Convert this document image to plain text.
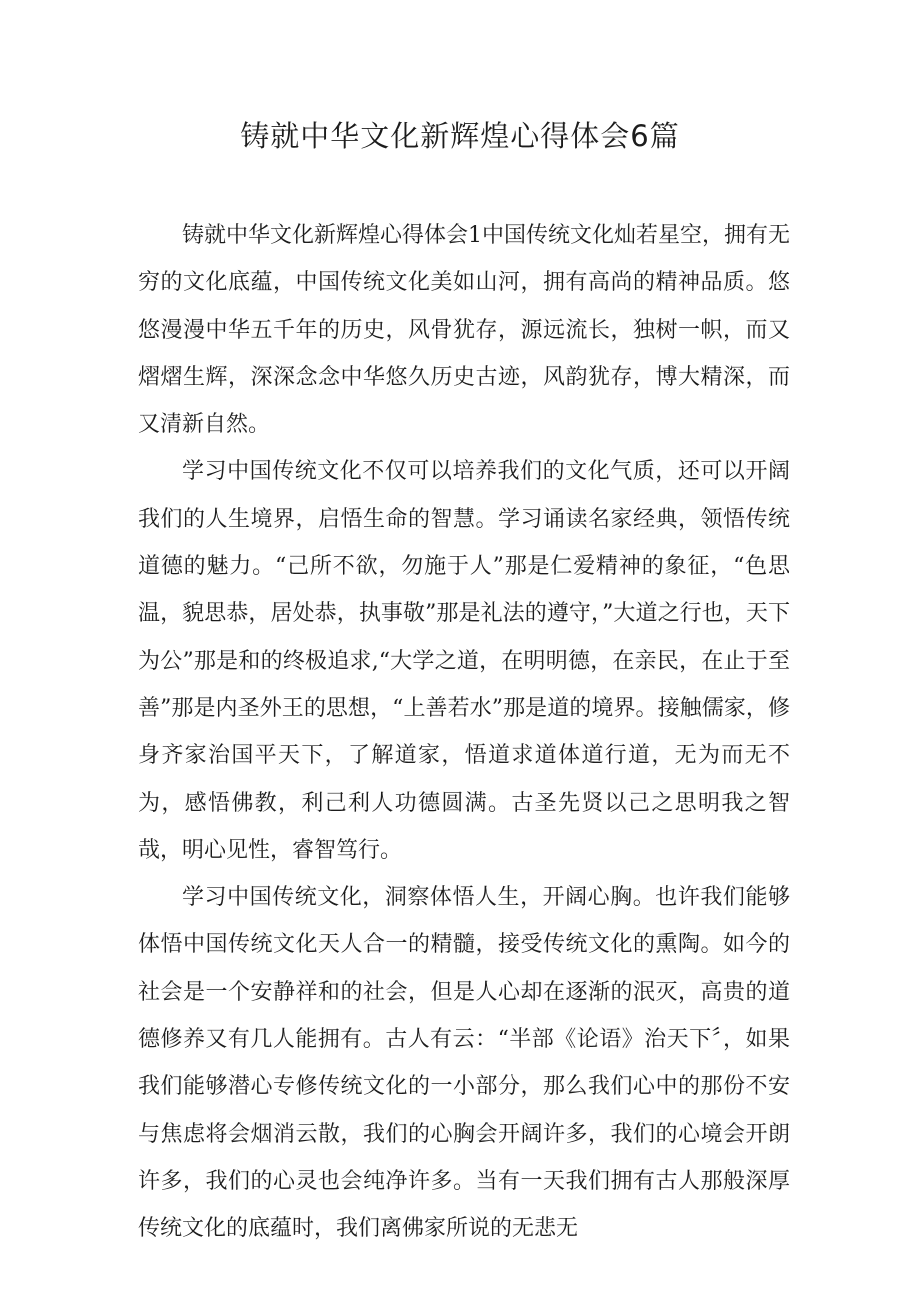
铸就中华文化新辉煌心得体会6篇

铸就中华文化新辉煌心得体会1中国传统文化灿若星空，拥有无穷的文化底蕴，中国传统文化美如山河，拥有高尚的精神品质。悠悠漫漫中华五千年的历史，风骨犹存，源远流长，独树一帜，而又熠熠生辉，深深念念中华悠久历史古迹，风韵犹存，博大精深，而又清新自然。

学习中国传统文化不仅可以培养我们的文化气质，还可以开阔我们的人生境界，启悟生命的智慧。学习诵读名家经典，领悟传统道德的魅力。“己所不欲，勿施于人”那是仁爱精神的象征，“色思温，貌思恭，居处恭，执事敬”那是礼法的遵守，”大道之行也，天下为公”那是和的终极追求,“大学之道，在明明德，在亲民，在止于至善”那是内圣外王的思想，“上善若水”那是道的境界。接触儒家，修身齐家治国平天下，了解道家，悟道求道体道行道，无为而无不为，感悟佛教，利己利人功德圆满。古圣先贤以己之思明我之智哉，明心见性，睿智笃行。

学习中国传统文化，洞察体悟人生，开阔心胸。也许我们能够体悟中国传统文化天人合一的精髓，接受传统文化的熏陶。如今的社会是一个安静祥和的社会，但是人心却在逐渐的泯灭，高贵的道德修养又有几人能拥有。古人有云：“半部《论语》治天下〞，如果我们能够潜心专修传统文化的一小部分，那么我们心中的那份不安与焦虑将会烟消云散，我们的心胸会开阔许多，我们的心境会开朗许多，我们的心灵也会纯净许多。当有一天我们拥有古人那般深厚传统文化的底蕴时，我们离佛家所说的无悲无
